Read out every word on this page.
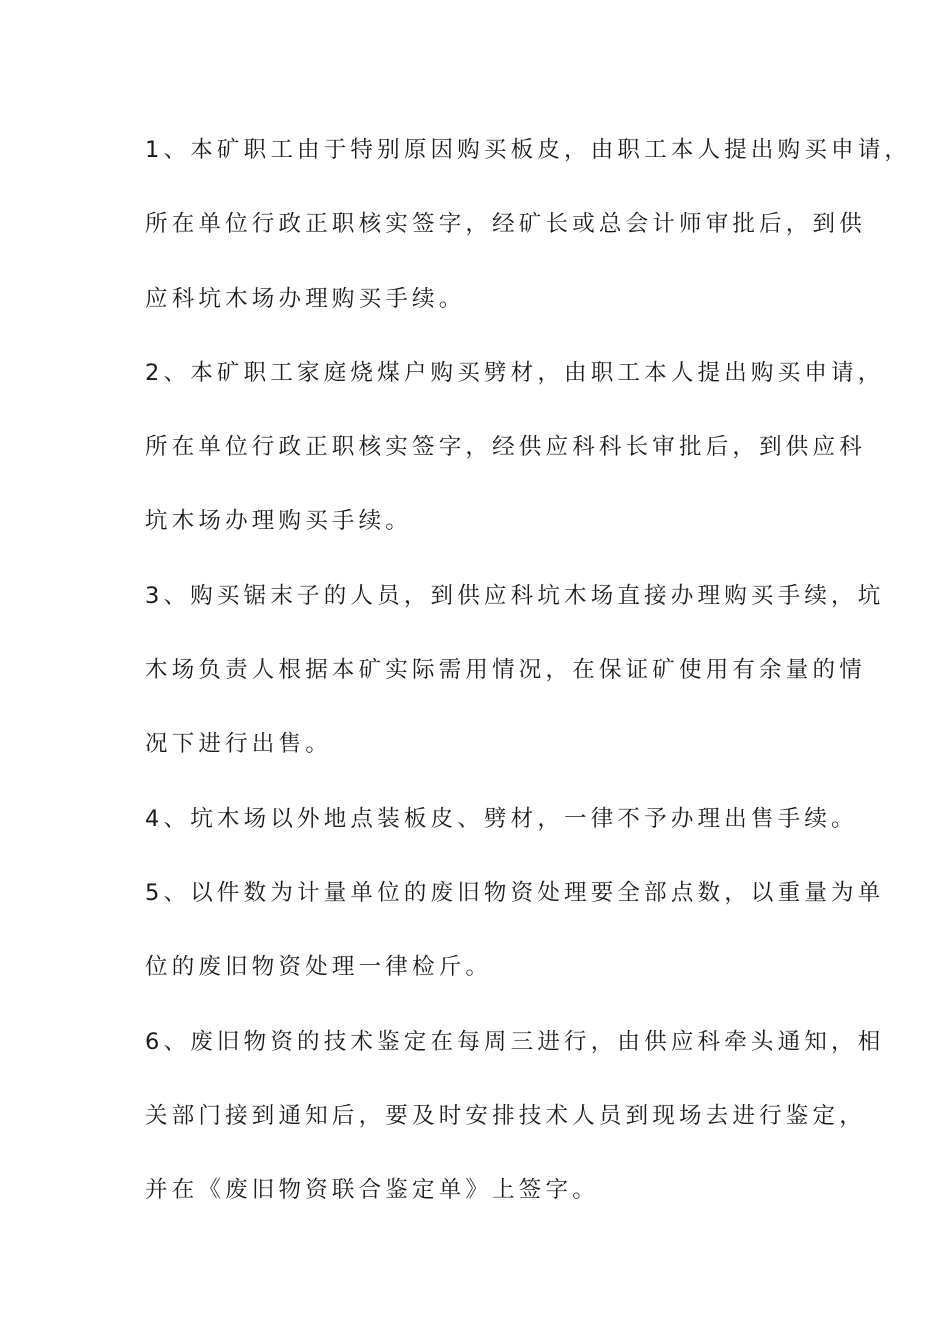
1、本矿职工由于特别原因购买板皮，由职工本人提出购买申请，
所在单位行政正职核实签字，经矿长或总会计师审批后，到供
应科坑木场办理购买手续。
2、本矿职工家庭烧煤户购买劈材，由职工本人提出购买申请，
所在单位行政正职核实签字，经供应科科长审批后，到供应科
坑木场办理购买手续。
3、购买锯末子的人员，到供应科坑木场直接办理购买手续，坑
木场负责人根据本矿实际需用情况，在保证矿使用有余量的情
况下进行出售。
4、坑木场以外地点装板皮、劈材，一律不予办理出售手续。
5、以件数为计量单位的废旧物资处理要全部点数，以重量为单
位的废旧物资处理一律检斤。
6、废旧物资的技术鉴定在每周三进行，由供应科牵头通知，相
关部门接到通知后，要及时安排技术人员到现场去进行鉴定，
并在《废旧物资联合鉴定单》上签字。
